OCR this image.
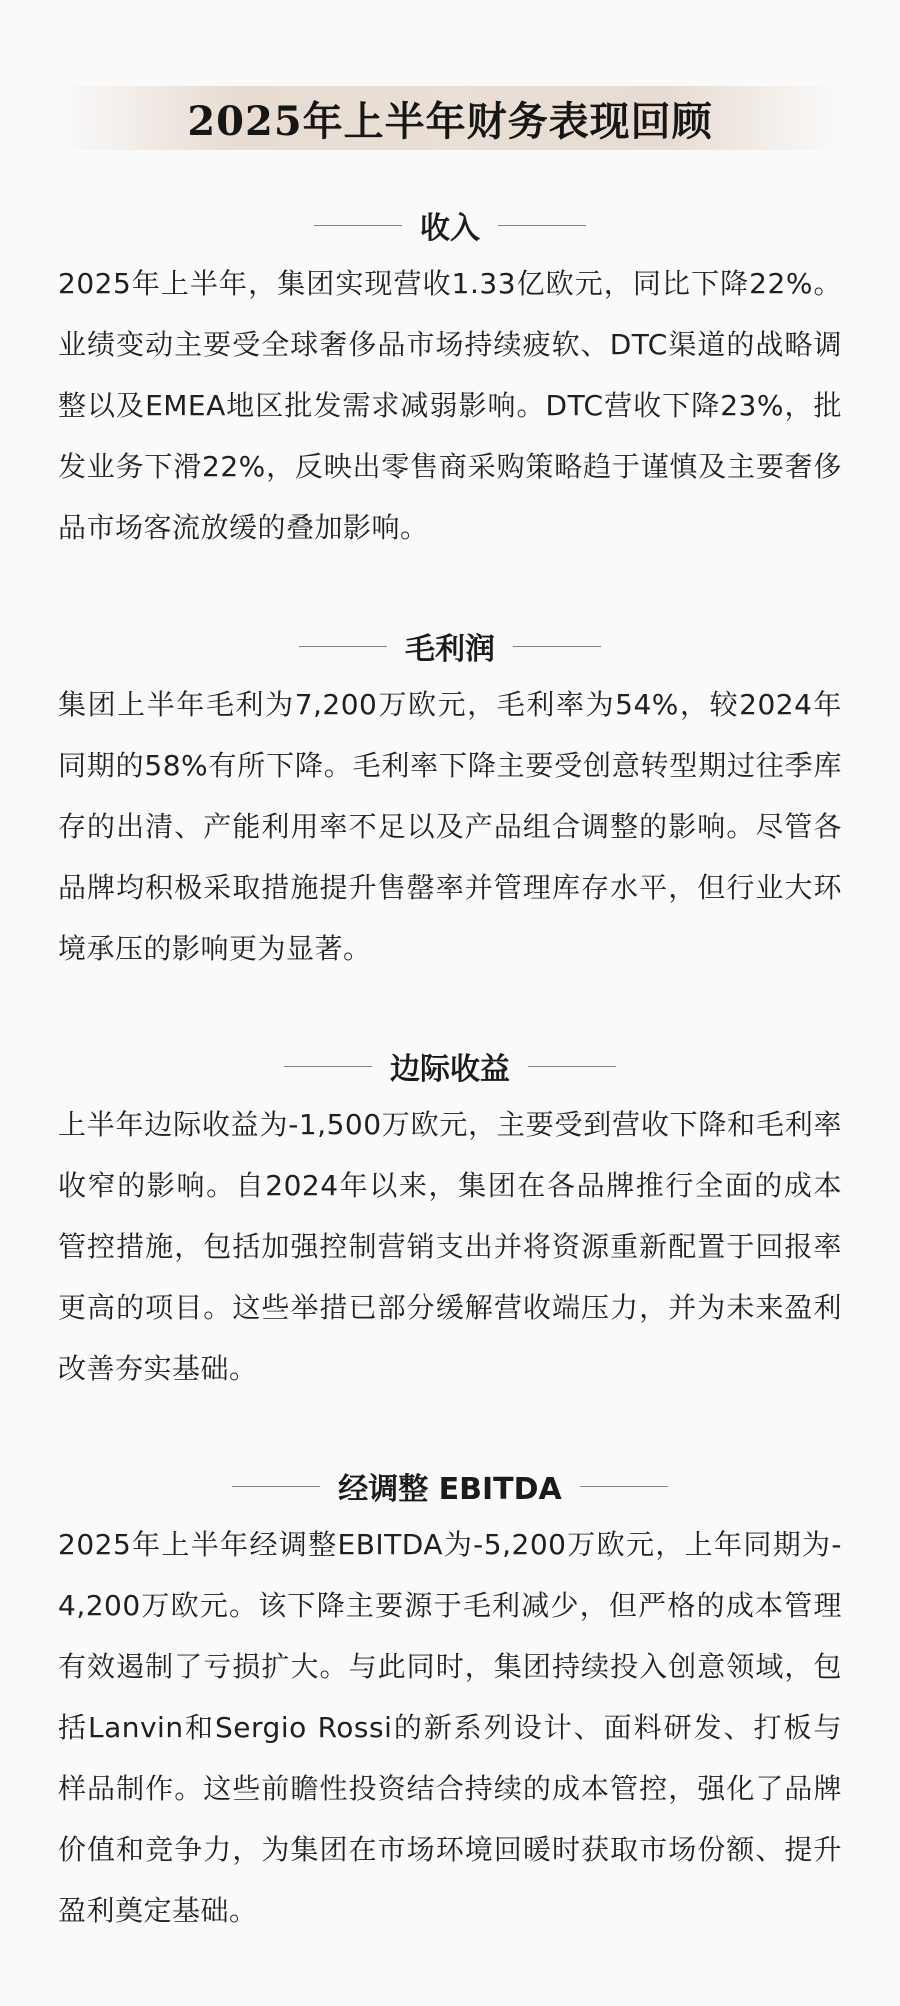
2025年上半年财务表现回顾
收入

2025年上半年，集团实现营收1.33亿欧元，同比下降22%。业绩变动主要受全球奢侈品市场持续疲软、DTC渠道的战略调整以及EMEA地区批发需求减弱影响。DTC营收下降23%，批发业务下滑22%，反映出零售商采购策略趋于谨慎及主要奢侈品市场客流放缓的叠加影响。

毛利润

集团上半年毛利为7,200万欧元，毛利率为54%，较2024年同期的58%有所下降。毛利率下降主要受创意转型期过往季库存的出清、产能利用率不足以及产品组合调整的影响。尽管各品牌均积极采取措施提升售罄率并管理库存水平，但行业大环境承压的影响更为显著。

边际收益

上半年边际收益为-1,500万欧元，主要受到营收下降和毛利率收窄的影响。自2024年以来，集团在各品牌推行全面的成本管控措施，包括加强控制营销支出并将资源重新配置于回报率更高的项目。这些举措已部分缓解营收端压力，并为未来盈利改善夯实基础。

经调整 EBITDA

2025年上半年经调整EBITDA为-5,200万欧元，上年同期为-4,200万欧元。该下降主要源于毛利减少，但严格的成本管理有效遏制了亏损扩大。与此同时，集团持续投入创意领域，包括Lanvin和Sergio Rossi的新系列设计、面料研发、打板与样品制作。这些前瞻性投资结合持续的成本管控，强化了品牌价值和竞争力，为集团在市场环境回暖时获取市场份额、提升盈利奠定基础。
